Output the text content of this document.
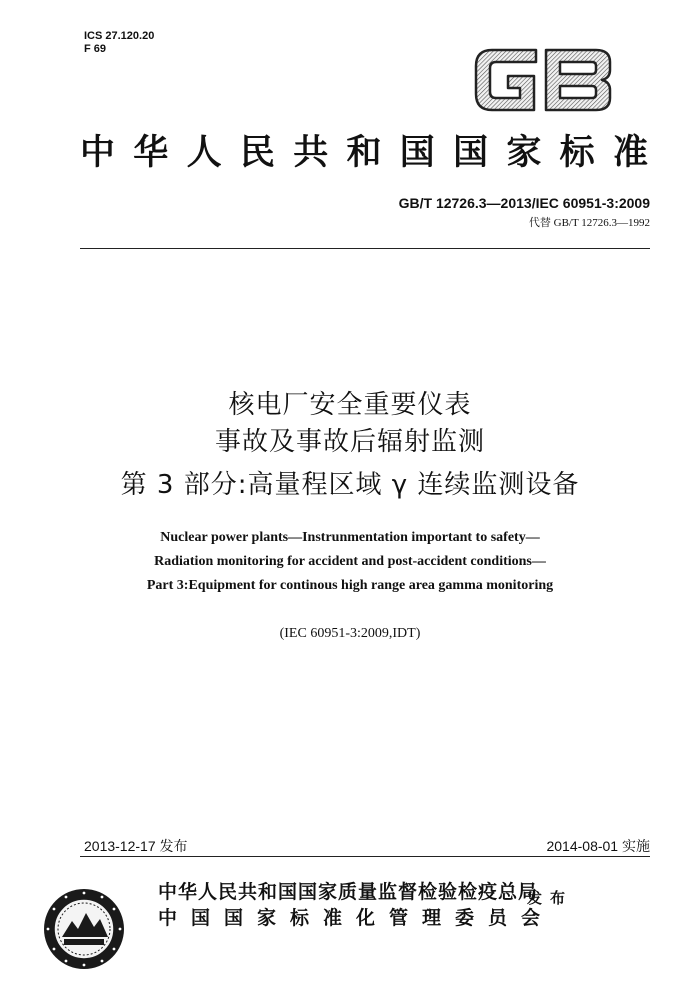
ICS 27.120.20
F 69
中华人民共和国国家标准
GB/T 12726.3—2013/IEC 60951-3:2009
代替 GB/T 12726.3—1992
核电厂安全重要仪表
事故及事故后辐射监测
第 3 部分:高量程区域 γ 连续监测设备
Nuclear power plants—Instrunmentation important to safety—
Radiation monitoring for accident and post-accident conditions—
Part 3:Equipment for continous high range area gamma monitoring
(IEC 60951-3:2009,IDT)
2013-12-17 发布	2014-08-01 实施
中华人民共和国国家质量监督检验检疫总局
中国国家标准化管理委员会
发布
